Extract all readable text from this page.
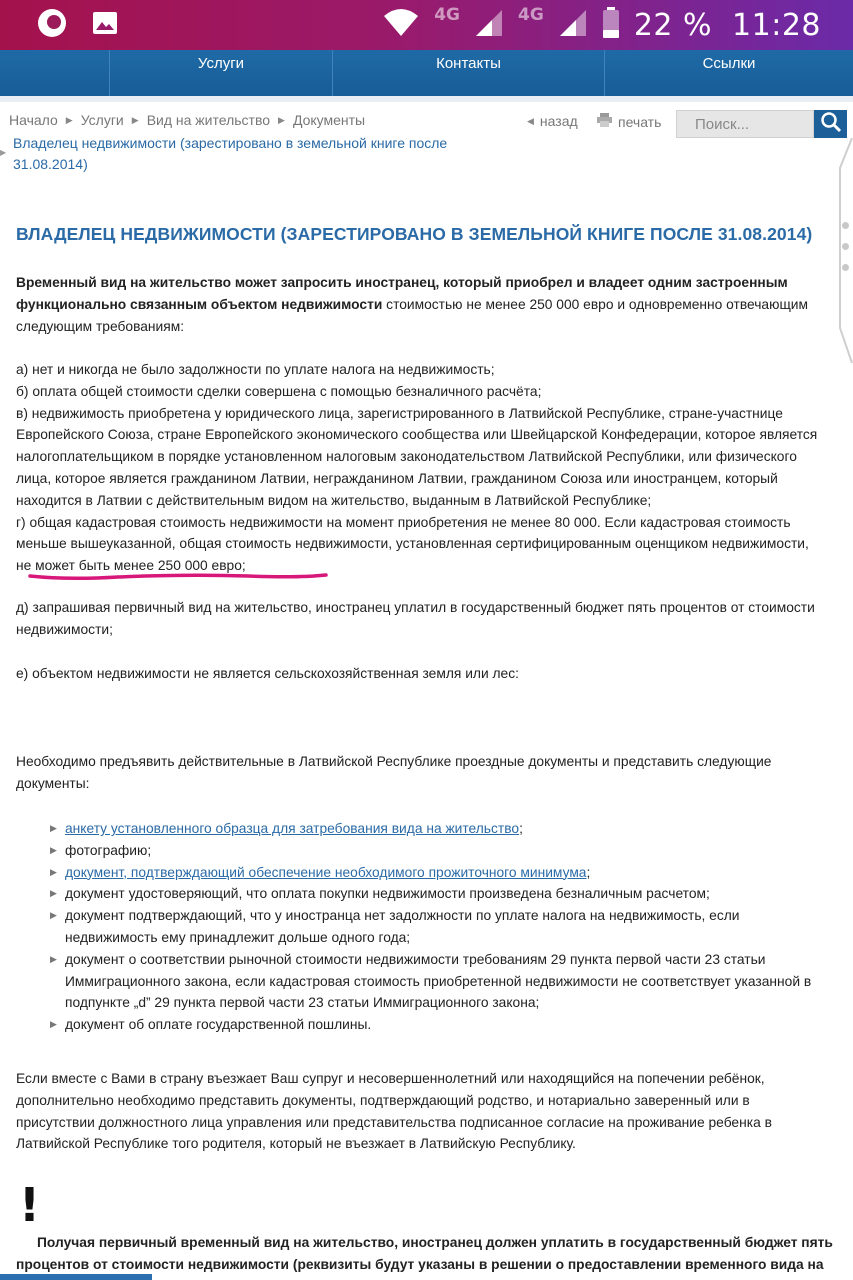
4G	4G	22 % 11:28
Услуги	Контакты	Ссылки
Начало ▶ Услуги ▶ Вид на жительство ▶ Документы
▶
Владелец недвижимости (зарестировано в земельной книге после 31.08.2014)
◀ назад	печать	Поиск...
ВЛАДЕЛЕЦ НЕДВИЖИМОСТИ (ЗАРЕСТИРОВАНО В ЗЕМЕЛЬНОЙ КНИГЕ ПОСЛЕ 31.08.2014)
Временный вид на жительство может запросить иностранец, который приобрел и владеет одним застроенным
функционально связанным объектом недвижимости стоимостью не менее 250 000 евро и одновременно отвечающим
следующим требованиям:
а) нет и никогда не было задолжности по уплате налога на недвижимость;
б) оплата общей стоимости сделки совершена с помощью безналичного расчёта;
в) недвижимость приобретена у юридического лица, зарегистрированного в Латвийской Республике, стране-участнице
Европейского Союза, стране Европейского экономического сообщества или Швейцарской Конфедерации, которое является
налогоплательщиком в порядке установленном налоговым законодательством Латвийской Республики, или физического
лица, которое является гражданином Латвии, негражданином Латвии, гражданином Союза или иностранцем, который
находится в Латвии с действительным видом на жительство, выданным в Латвийской Республике;
г) общая кадастровая стоимость недвижимости на момент приобретения не менее 80 000. Если кадастровая стоимость
меньше вышеуказанной, общая стоимость недвижимости, установленная сертифицированным оценщиком недвижимости,
не может быть менее 250 000 евро;
д) запрашивая первичный вид на жительство, иностранец уплатил в государственный бюджет пять процентов от стоимости
недвижимости;
е) объектом недвижимости не является сельскохозяйственная земля или лес:
Необходимо предъявить действительные в Латвийской Республике проездные документы и представить следующие
документы:
▶ анкету установленного образца для затребования вида на жительство;
▶ фотографию;
▶ документ, подтверждающий обеспечение необходимого прожиточного минимума;
▶ документ удостоверяющий, что оплата покупки недвижимости произведена безналичным расчетом;
▶ документ подтверждающий, что у иностранца нет задолжности по уплате налога на недвижимость, если
недвижимость ему принадлежит дольше одного года;
▶ документ о соответствии рыночной стоимости недвижимости требованиям 29 пункта первой части 23 статьи
Иммиграционного закона, если кадастровая стоимость приобретенной недвижимости не соответствует указанной в
подпункте „d” 29 пункта первой части 23 статьи Иммиграционного закона;
▶ документ об оплате государственной пошлины.
Если вместе с Вами в страну въезжает Ваш супруг и несовершеннолетний или находящийся на попечении ребёнок,
дополнительно необходимо представить документы, подтверждающий родство, и нотариально заверенный или в
присутствии должностного лица управления или представительства подписанное согласие на проживание ребенка в
Латвийской Республике того родителя, который не въезжает в Латвийскую Республику.
!
Получая первичный временный вид на жительство, иностранец должен уплатить в государственный бюджет пять
процентов от стоимости недвижимости (реквизиты будут указаны в решении о предоставлении временного вида на
